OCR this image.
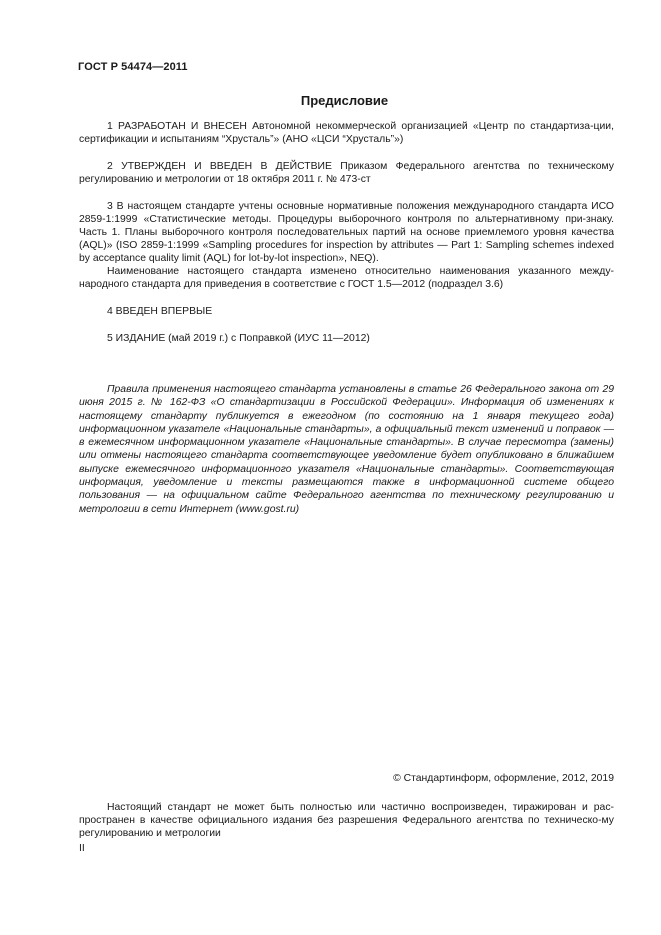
ГОСТ Р 54474—2011
Предисловие

1 РАЗРАБОТАН И ВНЕСЕН Автономной некоммерческой организацией «Центр по стандартиза-ции, сертификации и испытаниям “Хрусталь”» (АНО «ЦСИ “Хрусталь”»)

2 УТВЕРЖДЕН И ВВЕДЕН В ДЕЙСТВИЕ Приказом Федерального агентства по техническому регулированию и метрологии от 18 октября 2011 г. № 473-ст

3 В настоящем стандарте учтены основные нормативные положения международного стандарта ИСО 2859-1:1999 «Статистические методы. Процедуры выборочного контроля по альтернативному при-знаку. Часть 1. Планы выборочного контроля последовательных партий на основе приемлемого уровня качества (AQL)» (ISO 2859-1:1999 «Sampling procedures for inspection by attributes — Part 1: Sampling schemes indexed by acceptance quality limit (AQL) for lot-by-lot inspection», NEQ).

Наименование настоящего стандарта изменено относительно наименования указанного между-народного стандарта для приведения в соответствие с ГОСТ 1.5—2012 (подраздел 3.6)

4 ВВЕДЕН ВПЕРВЫЕ

5 ИЗДАНИЕ (май 2019 г.) с Поправкой (ИУС 11—2012)

Правила применения настоящего стандарта установлены в статье 26 Федерального закона от 29 июня 2015 г. № 162-ФЗ «О стандартизации в Российской Федерации». Информация об изменениях к настоящему стандарту публикуется в ежегодном (по состоянию на 1 января текущего года) информационном указателе «Национальные стандарты», а официальный текст изменений и поправок — в ежемесячном информационном указателе «Национальные стандарты». В случае пересмотра (замены) или отмены настоящего стандарта соответствующее уведомление будет опубликовано в ближайшем выпуске ежемесячного информационного указателя «Национальные стандарты». Соответствующая информация, уведомление и тексты размещаются также в информационной системе общего пользования — на официальном сайте Федерального агентства по техническому регулированию и метрологии в сети Интернет (www.gost.ru)
© Стандартинформ, оформление, 2012, 2019
Настоящий стандарт не может быть полностью или частично воспроизведен, тиражирован и рас-пространен в качестве официального издания без разрешения Федерального агентства по техническо-му регулированию и метрологии
II
